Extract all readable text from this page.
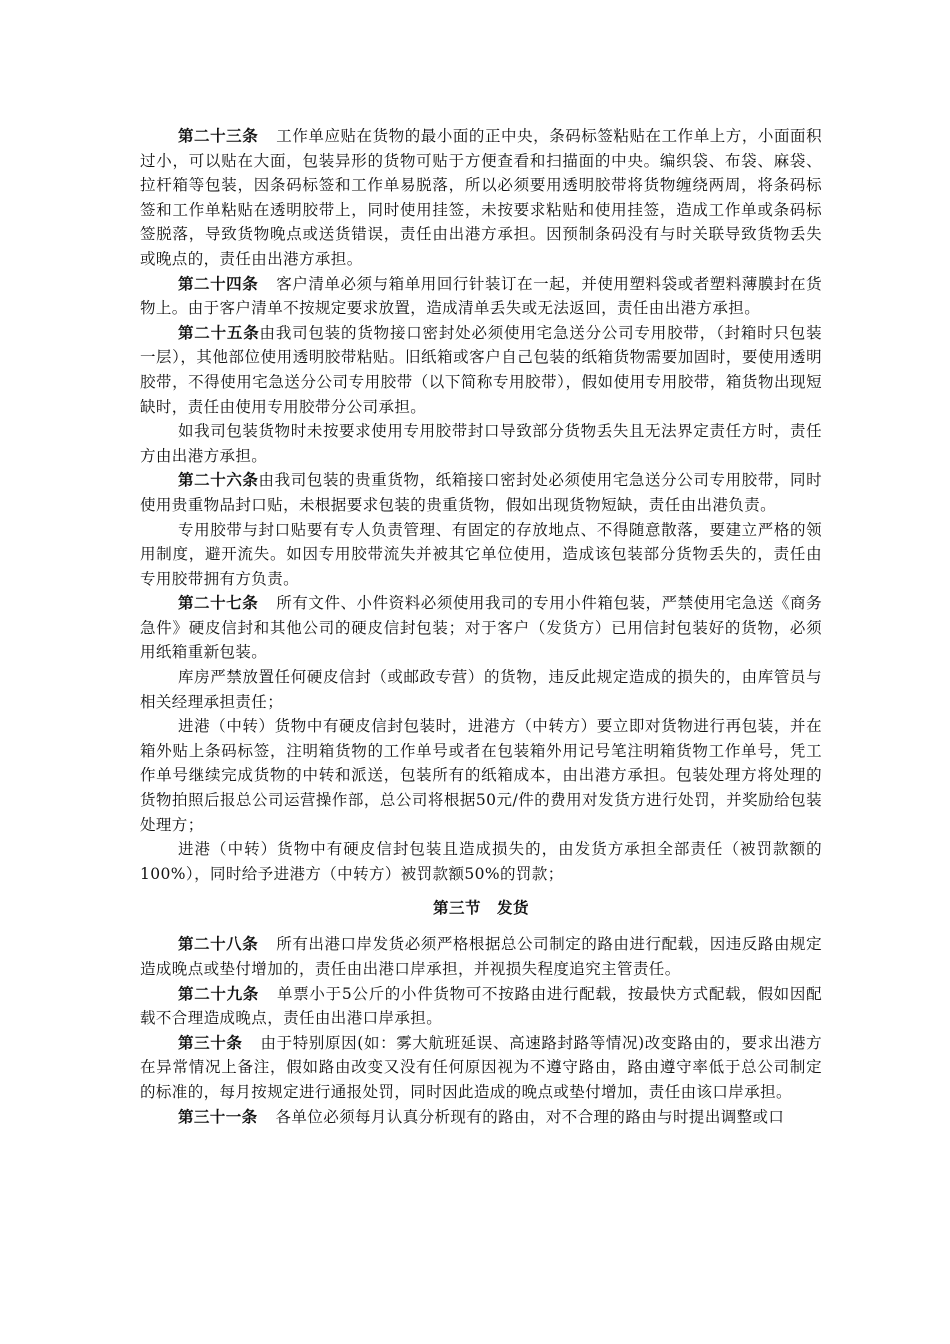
第二十三条 工作单应贴在货物的最小面的正中央，条码标签粘贴在工作单上方，小面面积过小，可以贴在大面，包装异形的货物可贴于方便查看和扫描面的中央。编织袋、布袋、麻袋、拉杆箱等包装，因条码标签和工作单易脱落，所以必须要用透明胶带将货物缠绕两周，将条码标签和工作单粘贴在透明胶带上，同时使用挂签，未按要求粘贴和使用挂签，造成工作单或条码标签脱落，导致货物晚点或送货错误，责任由出港方承担。因预制条码没有与时关联导致货物丢失或晚点的，责任由出港方承担。

第二十四条 客户清单必须与箱单用回行针装订在一起，并使用塑料袋或者塑料薄膜封在货物上。由于客户清单不按规定要求放置，造成清单丢失或无法返回，责任由出港方承担。

第二十五条由我司包装的货物接口密封处必须使用宅急送分公司专用胶带，（封箱时只包装一层），其他部位使用透明胶带粘贴。旧纸箱或客户自己包装的纸箱货物需要加固时，要使用透明胶带，不得使用宅急送分公司专用胶带（以下简称专用胶带），假如使用专用胶带，箱货物出现短缺时，责任由使用专用胶带分公司承担。

如我司包装货物时未按要求使用专用胶带封口导致部分货物丢失且无法界定责任方时，责任方由出港方承担。

第二十六条由我司包装的贵重货物，纸箱接口密封处必须使用宅急送分公司专用胶带，同时使用贵重物品封口贴，未根据要求包装的贵重货物，假如出现货物短缺，责任由出港负责。

专用胶带与封口贴要有专人负责管理、有固定的存放地点、不得随意散落，要建立严格的领用制度，避开流失。如因专用胶带流失并被其它单位使用，造成该包装部分货物丢失的，责任由专用胶带拥有方负责。

第二十七条 所有文件、小件资料必须使用我司的专用小件箱包装，严禁使用宅急送《商务急件》硬皮信封和其他公司的硬皮信封包装；对于客户（发货方）已用信封包装好的货物，必须用纸箱重新包装。

库房严禁放置任何硬皮信封（或邮政专营）的货物，违反此规定造成的损失的，由库管员与相关经理承担责任；

进港（中转）货物中有硬皮信封包装时，进港方（中转方）要立即对货物进行再包装，并在箱外贴上条码标签，注明箱货物的工作单号或者在包装箱外用记号笔注明箱货物工作单号，凭工作单号继续完成货物的中转和派送，包装所有的纸箱成本，由出港方承担。包装处理方将处理的货物拍照后报总公司运营操作部，总公司将根据50元/件的费用对发货方进行处罚，并奖励给包装处理方；

进港（中转）货物中有硬皮信封包装且造成损失的，由发货方承担全部责任（被罚款额的100%），同时给予进港方（中转方）被罚款额50%的罚款；

第三节 发货

第二十八条 所有出港口岸发货必须严格根据总公司制定的路由进行配载，因违反路由规定造成晚点或垫付增加的，责任由出港口岸承担，并视损失程度追究主管责任。

第二十九条 单票小于5公斤的小件货物可不按路由进行配载，按最快方式配载，假如因配载不合理造成晚点，责任由出港口岸承担。

第三十条 由于特别原因(如：雾大航班延误、高速路封路等情况)改变路由的，要求出港方在异常情况上备注，假如路由改变又没有任何原因视为不遵守路由，路由遵守率低于总公司制定的标准的，每月按规定进行通报处罚，同时因此造成的晚点或垫付增加，责任由该口岸承担。

第三十一条 各单位必须每月认真分析现有的路由，对不合理的路由与时提出调整或口
